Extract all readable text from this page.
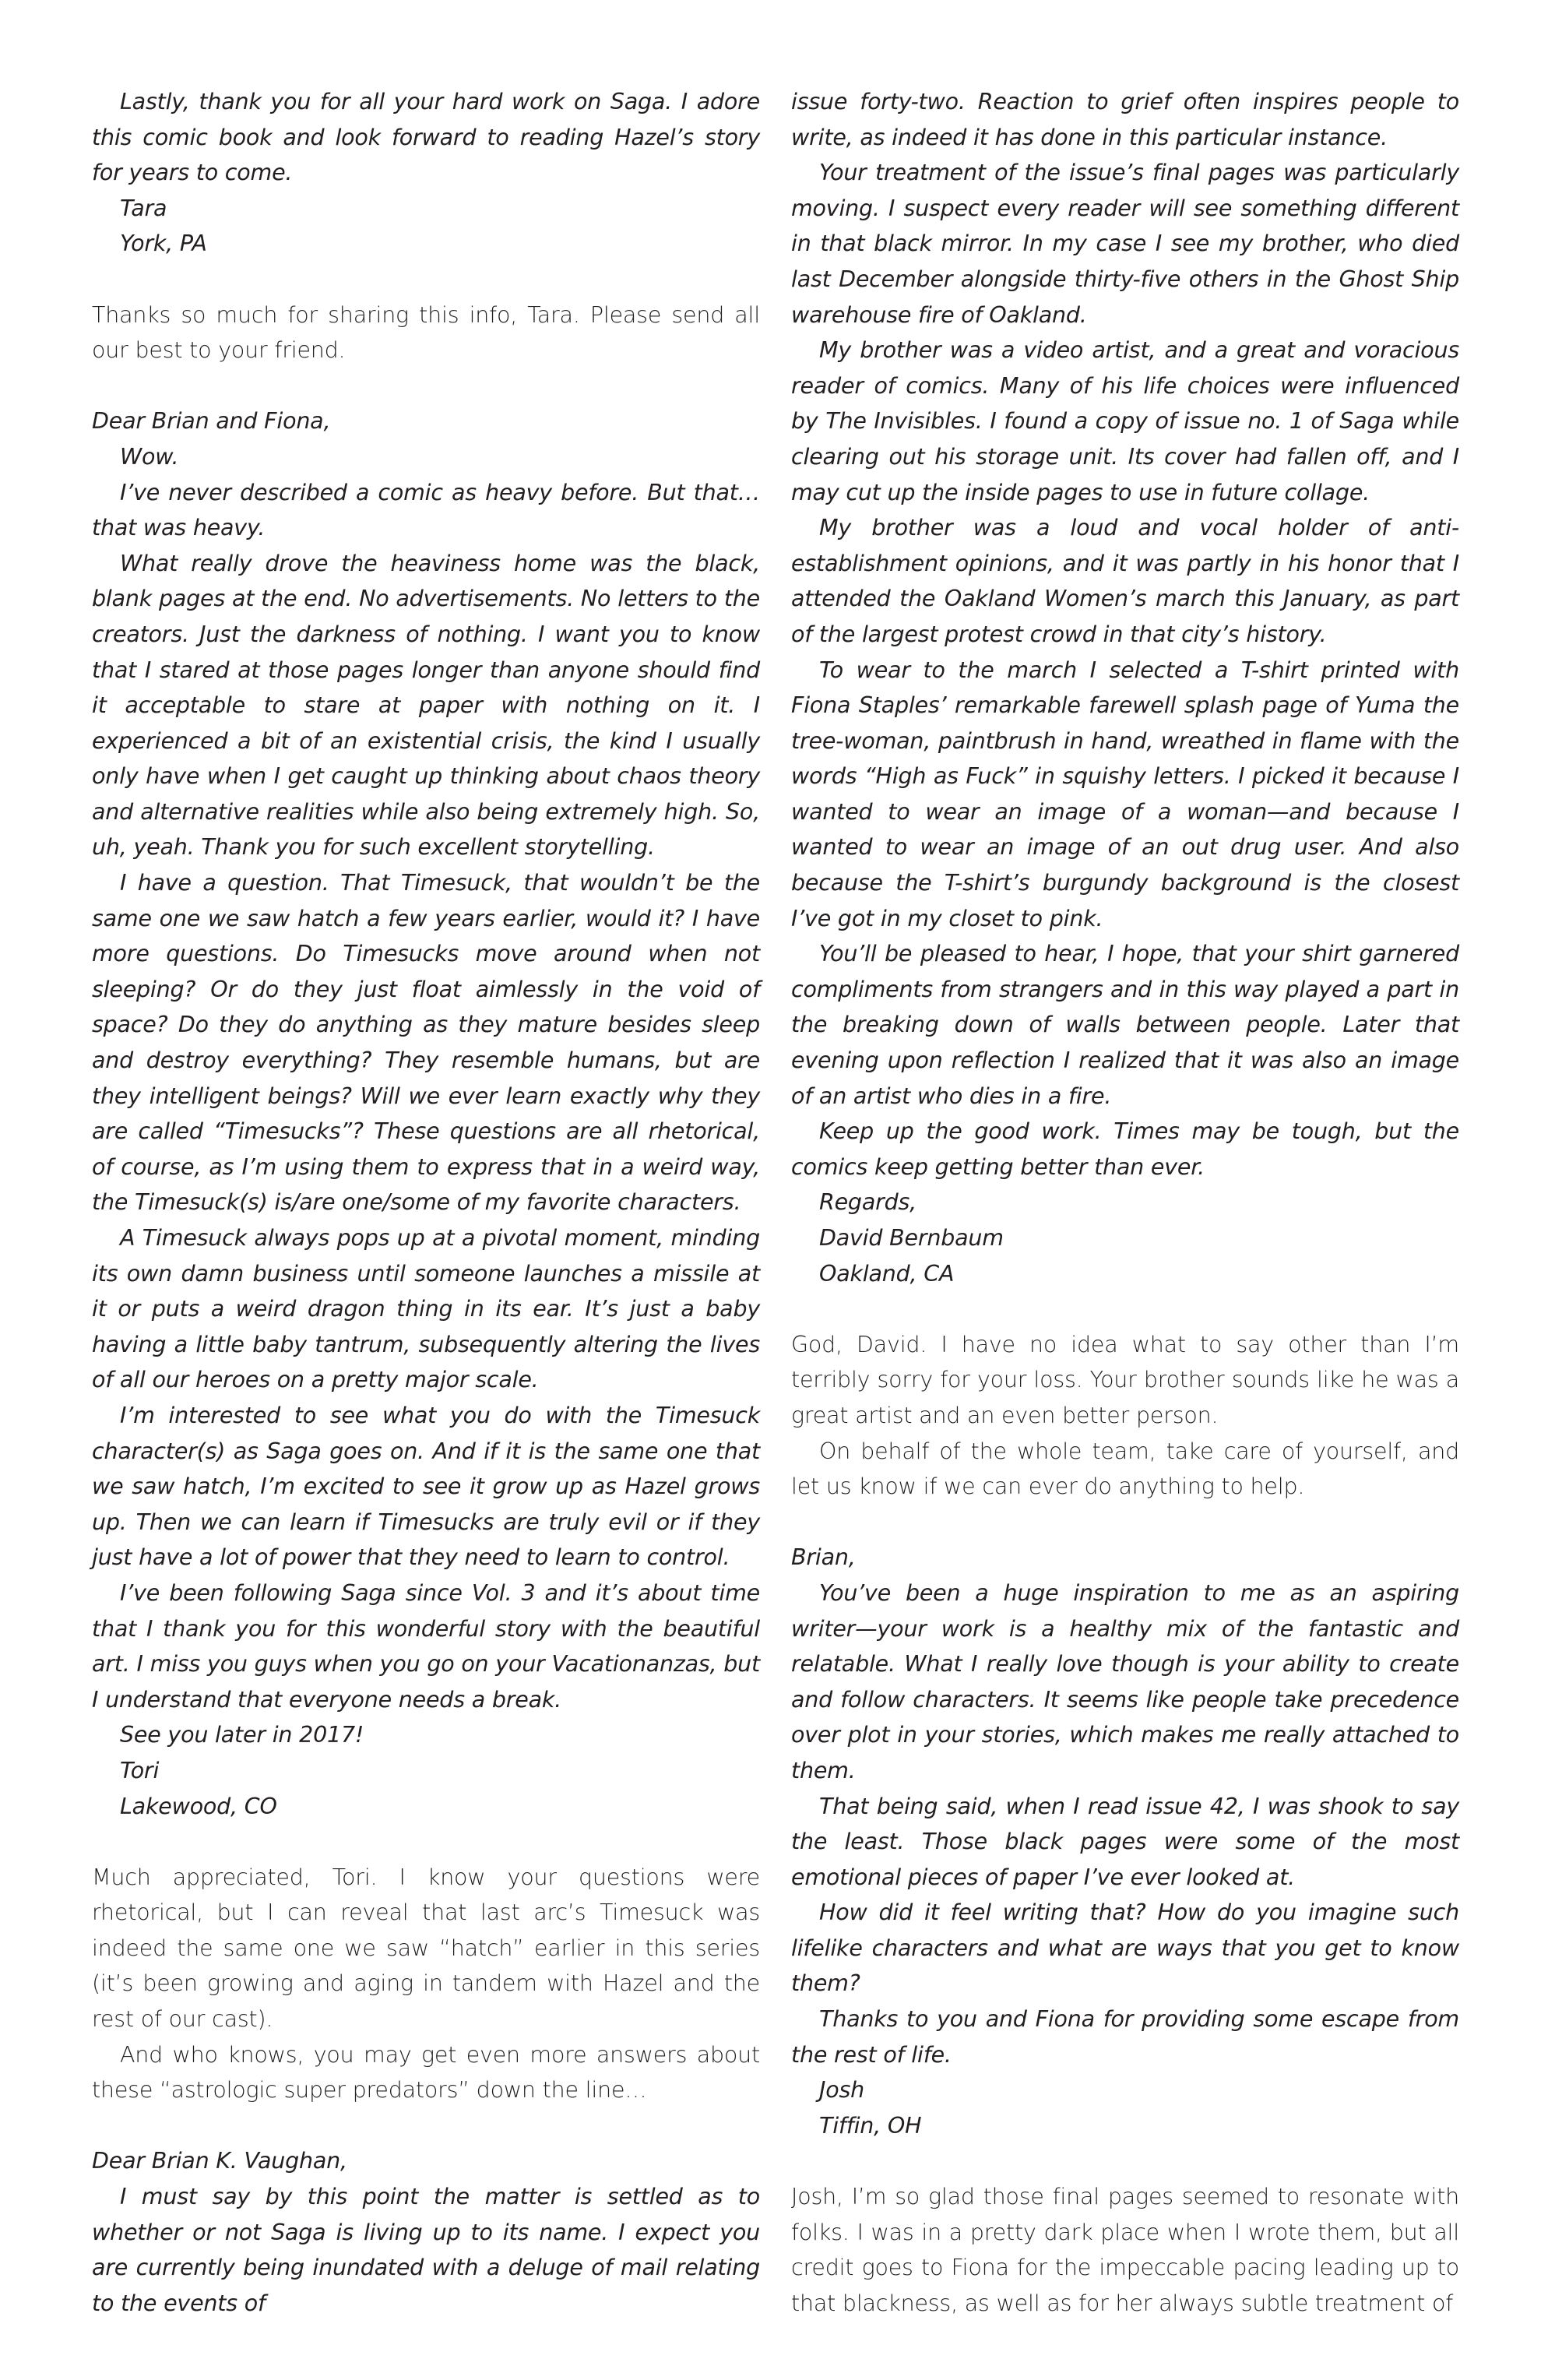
Lastly, thank you for all your hard work on Saga. I adore this comic book and look forward to reading Hazel’s story for years to come.

Tara

York, PA

Thanks so much for sharing this info, Tara. Please send all our best to your friend.

Dear Brian and Fiona,

Wow.

I’ve never described a comic as heavy before. But that… that was heavy.

What really drove the heaviness home was the black, blank pages at the end. No advertisements. No letters to the creators. Just the darkness of nothing. I want you to know that I stared at those pages longer than anyone should find it acceptable to stare at paper with nothing on it. I experienced a bit of an existential crisis, the kind I usually only have when I get caught up thinking about chaos theory and alternative realities while also being extremely high. So, uh, yeah. Thank you for such excellent storytelling.

I have a question. That Timesuck, that wouldn’t be the same one we saw hatch a few years earlier, would it? I have more questions. Do Timesucks move around when not sleeping? Or do they just float aimlessly in the void of space? Do they do anything as they mature besides sleep and destroy everything? They resemble humans, but are they intelligent beings? Will we ever learn exactly why they are called “Timesucks”? These questions are all rhetorical, of course, as I’m using them to express that in a weird way, the Timesuck(s) is/are one/some of my favorite characters.

A Timesuck always pops up at a pivotal moment, minding its own damn business until someone launches a missile at it or puts a weird dragon thing in its ear. It’s just a baby having a little baby tantrum, subsequently altering the lives of all our heroes on a pretty major scale.

I’m interested to see what you do with the Timesuck character(s) as Saga goes on. And if it is the same one that we saw hatch, I’m excited to see it grow up as Hazel grows up. Then we can learn if Timesucks are truly evil or if they just have a lot of power that they need to learn to control.

I’ve been following Saga since Vol. 3 and it’s about time that I thank you for this wonderful story with the beautiful art. I miss you guys when you go on your Vacationanzas, but I understand that everyone needs a break.

See you later in 2017!

Tori

Lakewood, CO

Much appreciated, Tori. I know your questions were rhetorical, but I can reveal that last arc’s Timesuck was indeed the same one we saw “hatch” earlier in this series (it’s been growing and aging in tandem with Hazel and the rest of our cast).

And who knows, you may get even more answers about these “astrologic super predators” down the line…

Dear Brian K. Vaughan,

I must say by this point the matter is settled as to whether or not Saga is living up to its name. I expect you are currently being inundated with a deluge of mail relating to the events of

issue forty-two. Reaction to grief often inspires people to write, as indeed it has done in this particular instance.

Your treatment of the issue’s final pages was particularly moving. I suspect every reader will see something different in that black mirror. In my case I see my brother, who died last December alongside thirty-five others in the Ghost Ship warehouse fire of Oakland.

My brother was a video artist, and a great and voracious reader of comics. Many of his life choices were influenced by The Invisibles. I found a copy of issue no. 1 of Saga while clearing out his storage unit. Its cover had fallen off, and I may cut up the inside pages to use in future collage.

My brother was a loud and vocal holder of anti-establishment opinions, and it was partly in his honor that I attended the Oakland Women’s march this January, as part of the largest protest crowd in that city’s history.

To wear to the march I selected a T-shirt printed with Fiona Staples’ remarkable farewell splash page of Yuma the tree-woman, paintbrush in hand, wreathed in flame with the words “High as Fuck” in squishy letters. I picked it because I wanted to wear an image of a woman—and because I wanted to wear an image of an out drug user. And also because the T-shirt’s burgundy background is the closest I’ve got in my closet to pink.

You’ll be pleased to hear, I hope, that your shirt garnered compliments from strangers and in this way played a part in the breaking down of walls between people. Later that evening upon reflection I realized that it was also an image of an artist who dies in a fire.

Keep up the good work. Times may be tough, but the comics keep getting better than ever.

Regards,

David Bernbaum

Oakland, CA

God, David. I have no idea what to say other than I’m terribly sorry for your loss. Your brother sounds like he was a great artist and an even better person.

On behalf of the whole team, take care of yourself, and let us know if we can ever do anything to help.

Brian,

You’ve been a huge inspiration to me as an aspiring writer—your work is a healthy mix of the fantastic and relatable. What I really love though is your ability to create and follow characters. It seems like people take precedence over plot in your stories, which makes me really attached to them.

That being said, when I read issue 42, I was shook to say the least. Those black pages were some of the most emotional pieces of paper I’ve ever looked at.

How did it feel writing that? How do you imagine such lifelike characters and what are ways that you get to know them?

Thanks to you and Fiona for providing some escape from the rest of life.

Josh

Tiffin, OH

Josh, I’m so glad those final pages seemed to resonate with folks. I was in a pretty dark place when I wrote them, but all credit goes to Fiona for the impeccable pacing leading up to that blackness, as well as for her always subtle treatment of
